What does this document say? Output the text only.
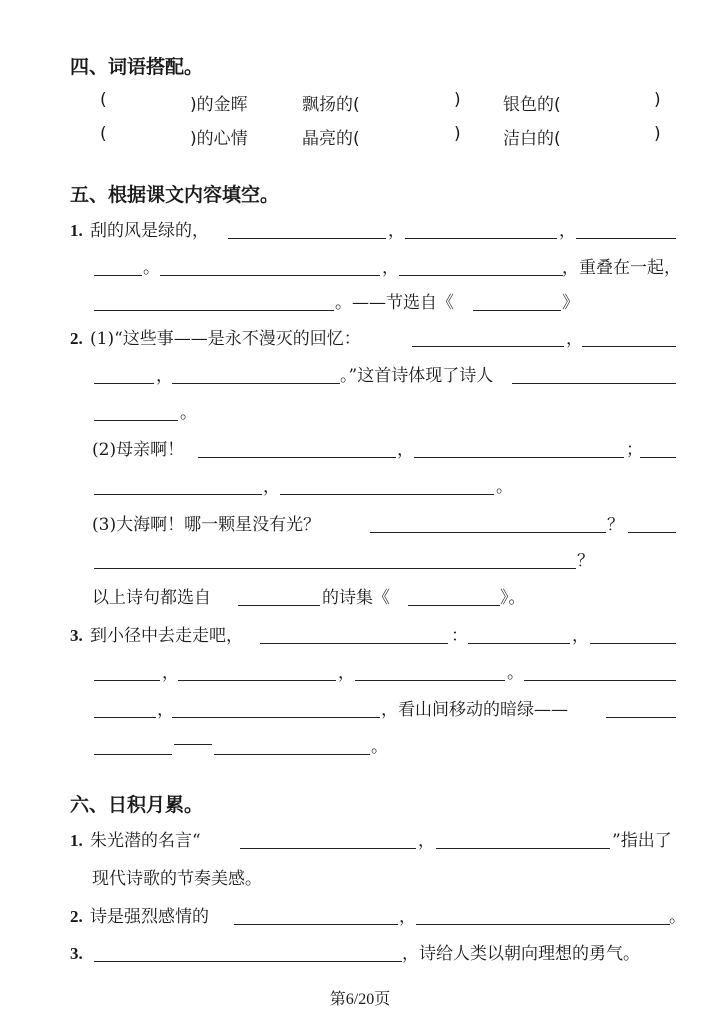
四、词语搭配。
(	)的金晖	飘扬的(	) 银色的(	)
(	)的心情	晶亮的(	) 洁白的(	)
五、根据课文内容填空。
1. 刮的风是绿的，	，	，
。	，	，重叠在一起，
。——节选自《	》
2. (1)“这些事——是永不漫灭的回忆：	，
，	。”这首诗体现了诗人
。
(2)母亲啊！	，	；
，	。
(3)大海啊！哪一颗星没有光？	？
？
以上诗句都选自	的诗集《	》。
3. 到小径中去走走吧，	：	，
，	，	。
，	，看山间移动的暗绿——
。
六、日积月累。
1. 朱光潜的名言“	，	”指出了
现代诗歌的节奏美感。
2. 诗是强烈感情的	，	。
3.	，诗给人类以朝向理想的勇气。
第6/20页
